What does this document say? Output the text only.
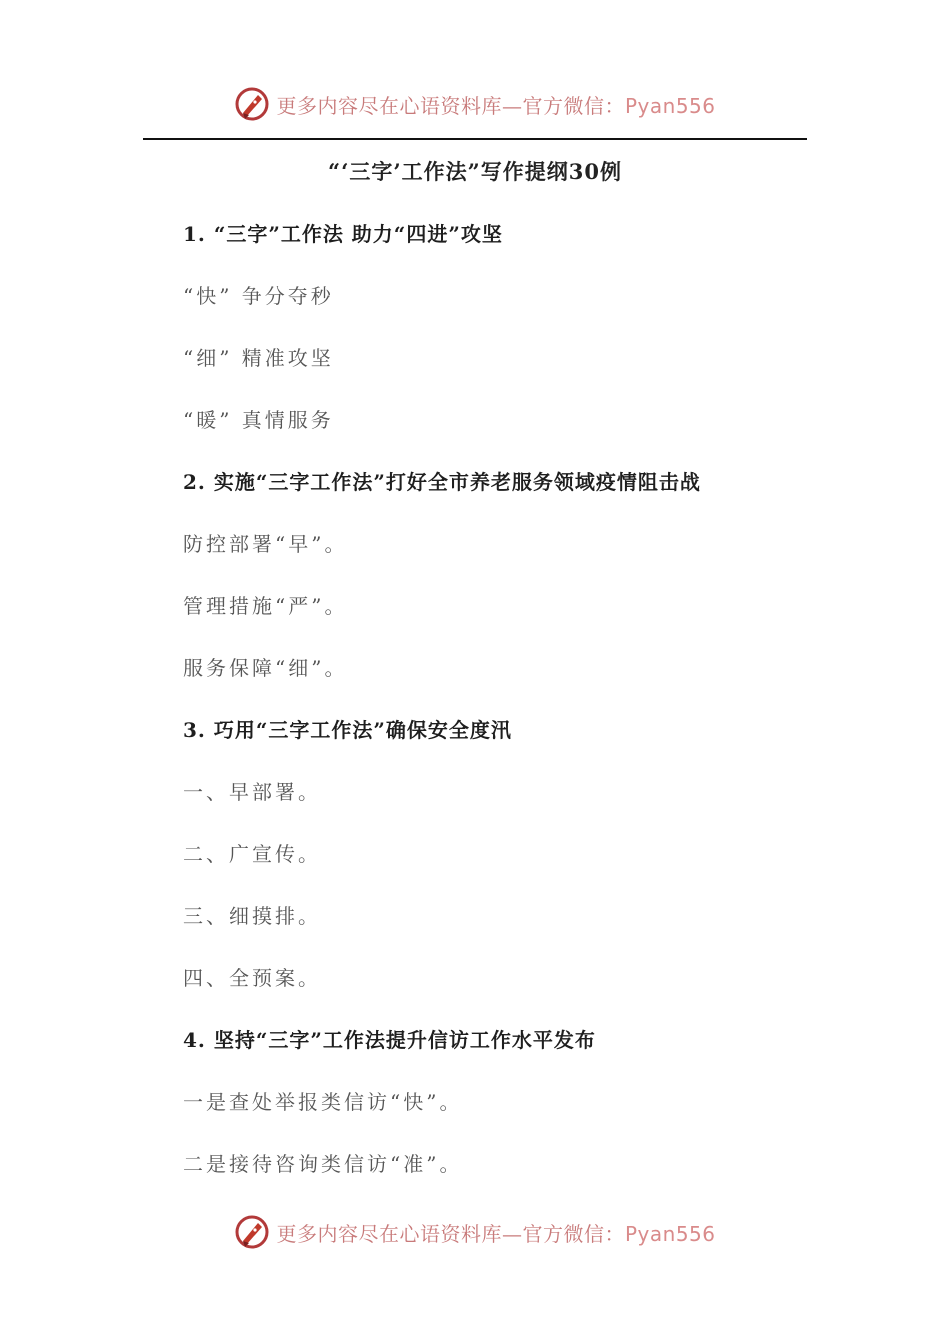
更多内容尽在心语资料库—官方微信：Pyan556
“‘三字’工作法”写作提纲30例
1. “三字”工作法 助力“四进”攻坚
“快” 争分夺秒
“细” 精准攻坚
“暖” 真情服务
2. 实施“三字工作法”打好全市养老服务领域疫情阻击战
防控部署“早”。
管理措施“严”。
服务保障“细”。
3. 巧用“三字工作法”确保安全度汛
一、早部署。
二、广宣传。
三、细摸排。
四、全预案。
4. 坚持“三字”工作法提升信访工作水平发布
一是查处举报类信访“快”。
二是接待咨询类信访“准”。
更多内容尽在心语资料库—官方微信：Pyan556
